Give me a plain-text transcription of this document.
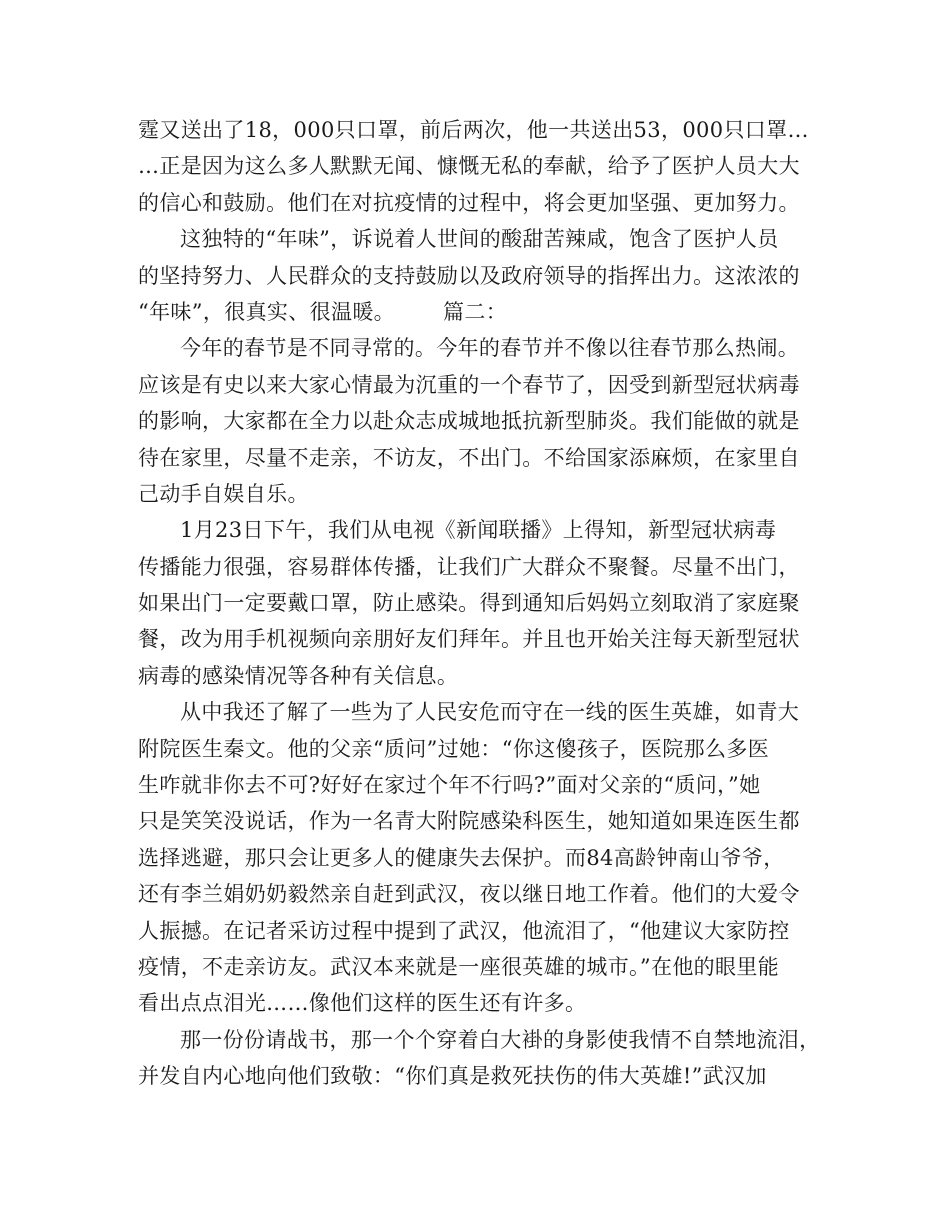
霆又送出了18，000只口罩，前后两次，他一共送出53，000只口罩…
…正是因为这么多人默默无闻、慷慨无私的奉献，给予了医护人员大大
的信心和鼓励。他们在对抗疫情的过程中，将会更加坚强、更加努力。
这独特的“年味”，诉说着人世间的酸甜苦辣咸，饱含了医护人员
的坚持努力、人民群众的支持鼓励以及政府领导的指挥出力。这浓浓的
“年味”，很真实、很温暖。 篇二：
今年的春节是不同寻常的。今年的春节并不像以往春节那么热闹。
应该是有史以来大家心情最为沉重的一个春节了，因受到新型冠状病毒
的影响，大家都在全力以赴众志成城地抵抗新型肺炎。我们能做的就是
待在家里，尽量不走亲，不访友，不出门。不给国家添麻烦，在家里自
己动手自娱自乐。
1月23日下午，我们从电视《新闻联播》上得知，新型冠状病毒
传播能力很强，容易群体传播，让我们广大群众不聚餐。尽量不出门，
如果出门一定要戴口罩，防止感染。得到通知后妈妈立刻取消了家庭聚
餐，改为用手机视频向亲朋好友们拜年。并且也开始关注每天新型冠状
病毒的感染情况等各种有关信息。
从中我还了解了一些为了人民安危而守在一线的医生英雄，如青大
附院医生秦文。他的父亲“质问”过她：“你这傻孩子，医院那么多医
生咋就非你去不可?好好在家过个年不行吗?”面对父亲的“质问，”她
只是笑笑没说话，作为一名青大附院感染科医生，她知道如果连医生都
选择逃避，那只会让更多人的健康失去保护。而84高龄钟南山爷爷，
还有李兰娟奶奶毅然亲自赶到武汉，夜以继日地工作着。他们的大爱令
人振撼。在记者采访过程中提到了武汉，他流泪了，“他建议大家防控
疫情，不走亲访友。武汉本来就是一座很英雄的城市。”在他的眼里能
看出点点泪光……像他们这样的医生还有许多。
那一份份请战书，那一个个穿着白大褂的身影使我情不自禁地流泪，
并发自内心地向他们致敬：“你们真是救死扶伤的伟大英雄!”武汉加
